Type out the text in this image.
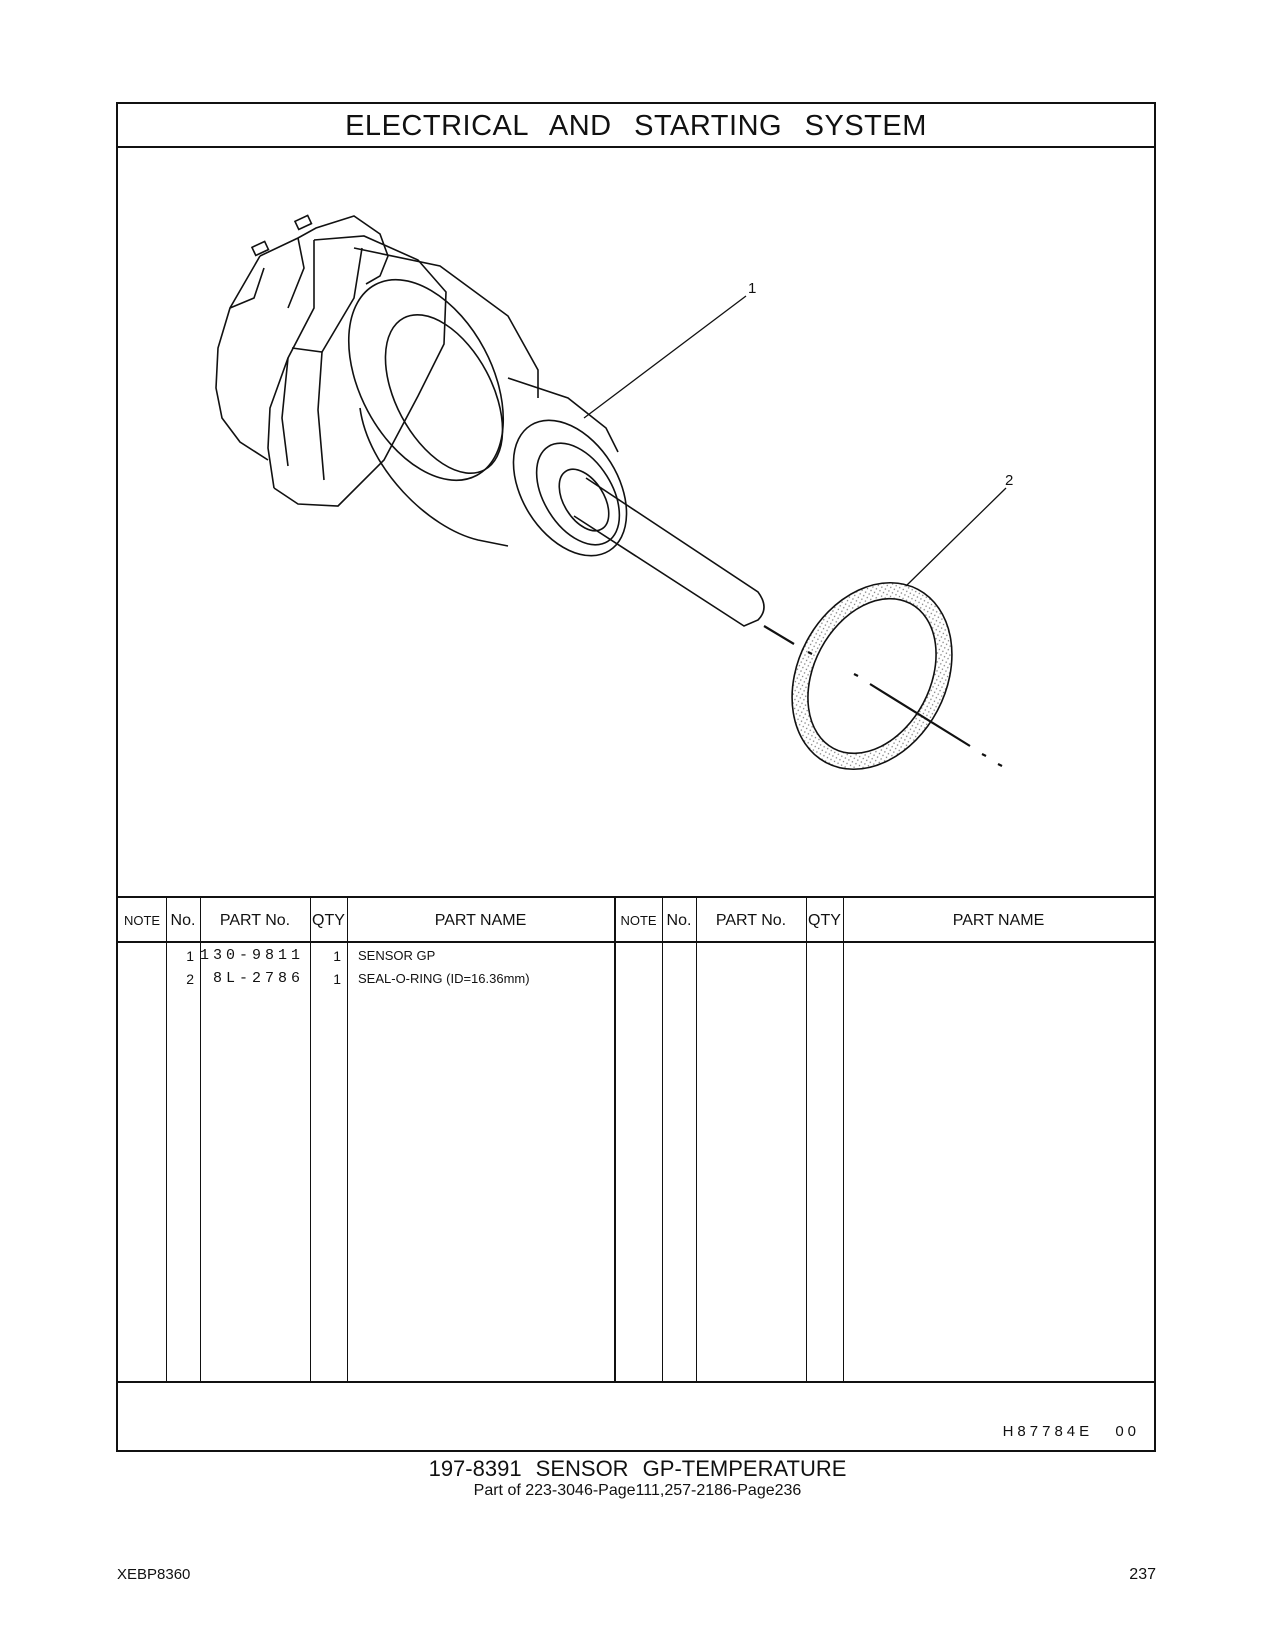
ELECTRICAL AND STARTING SYSTEM
1
2
NOTE No.	PART No.	QTY	PART NAME	NOTE No.	PART No.	QTY	PART NAME
1 130-9811	1 SENSOR GP
2	8L-2786	1 SEAL-O-RING (ID=16.36mm)
H87784E 00
197-8391 SENSOR GP-TEMPERATURE
Part of 223-3046-Page111,257-2186-Page236
XEBP8360	237
